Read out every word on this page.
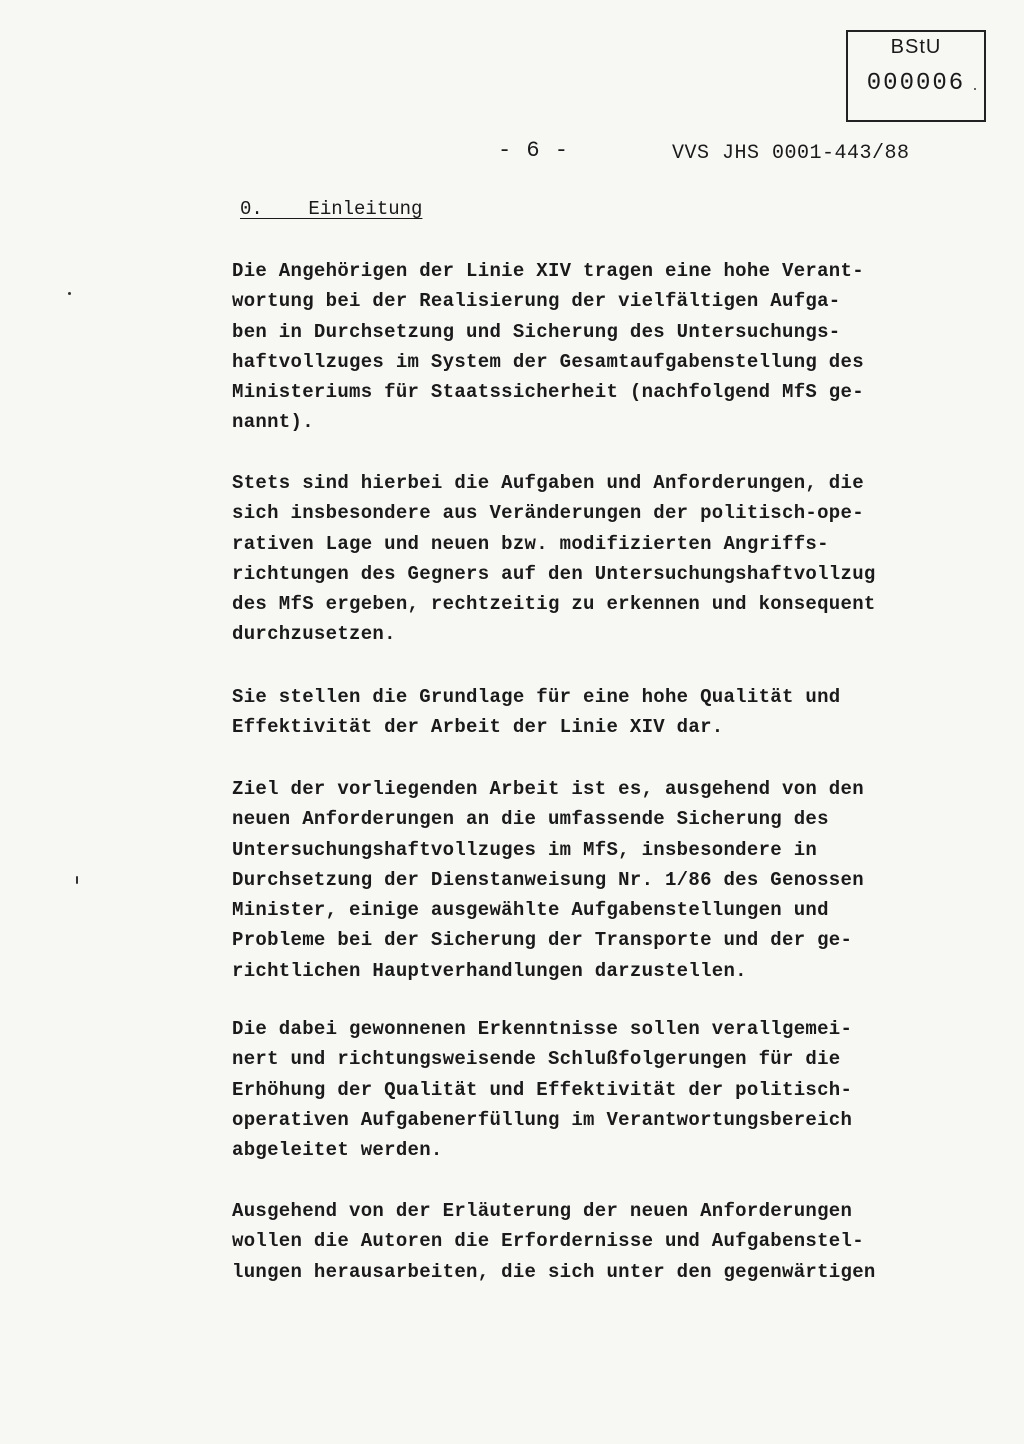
BStU
000006
- 6 -	VVS JHS 0001-443/88
0.    Einleitung
Die Angehörigen der Linie XIV tragen eine hohe Verant-
wortung bei der Realisierung der vielfältigen Aufga-
ben in Durchsetzung und Sicherung des Untersuchungs-
haftvollzuges im System der Gesamtaufgabenstellung des
Ministeriums für Staatssicherheit (nachfolgend MfS ge-
nannt).
Stets sind hierbei die Aufgaben und Anforderungen, die
sich insbesondere aus Veränderungen der politisch-ope-
rativen Lage und neuen bzw. modifizierten Angriffs-
richtungen des Gegners auf den Untersuchungshaftvollzug
des MfS ergeben, rechtzeitig zu erkennen und konsequent
durchzusetzen.
Sie stellen die Grundlage für eine hohe Qualität und
Effektivität der Arbeit der Linie XIV dar.
Ziel der vorliegenden Arbeit ist es, ausgehend von den
neuen Anforderungen an die umfassende Sicherung des
Untersuchungshaftvollzuges im MfS, insbesondere in
Durchsetzung der Dienstanweisung Nr. 1/86 des Genossen
Minister, einige ausgewählte Aufgabenstellungen und
Probleme bei der Sicherung der Transporte und der ge-
richtlichen Hauptverhandlungen darzustellen.
Die dabei gewonnenen Erkenntnisse sollen verallgemei-
nert und richtungsweisende Schlußfolgerungen für die
Erhöhung der Qualität und Effektivität der politisch-
operativen Aufgabenerfüllung im Verantwortungsbereich
abgeleitet werden.
Ausgehend von der Erläuterung der neuen Anforderungen
wollen die Autoren die Erfordernisse und Aufgabenstel-
lungen herausarbeiten, die sich unter den gegenwärtigen
